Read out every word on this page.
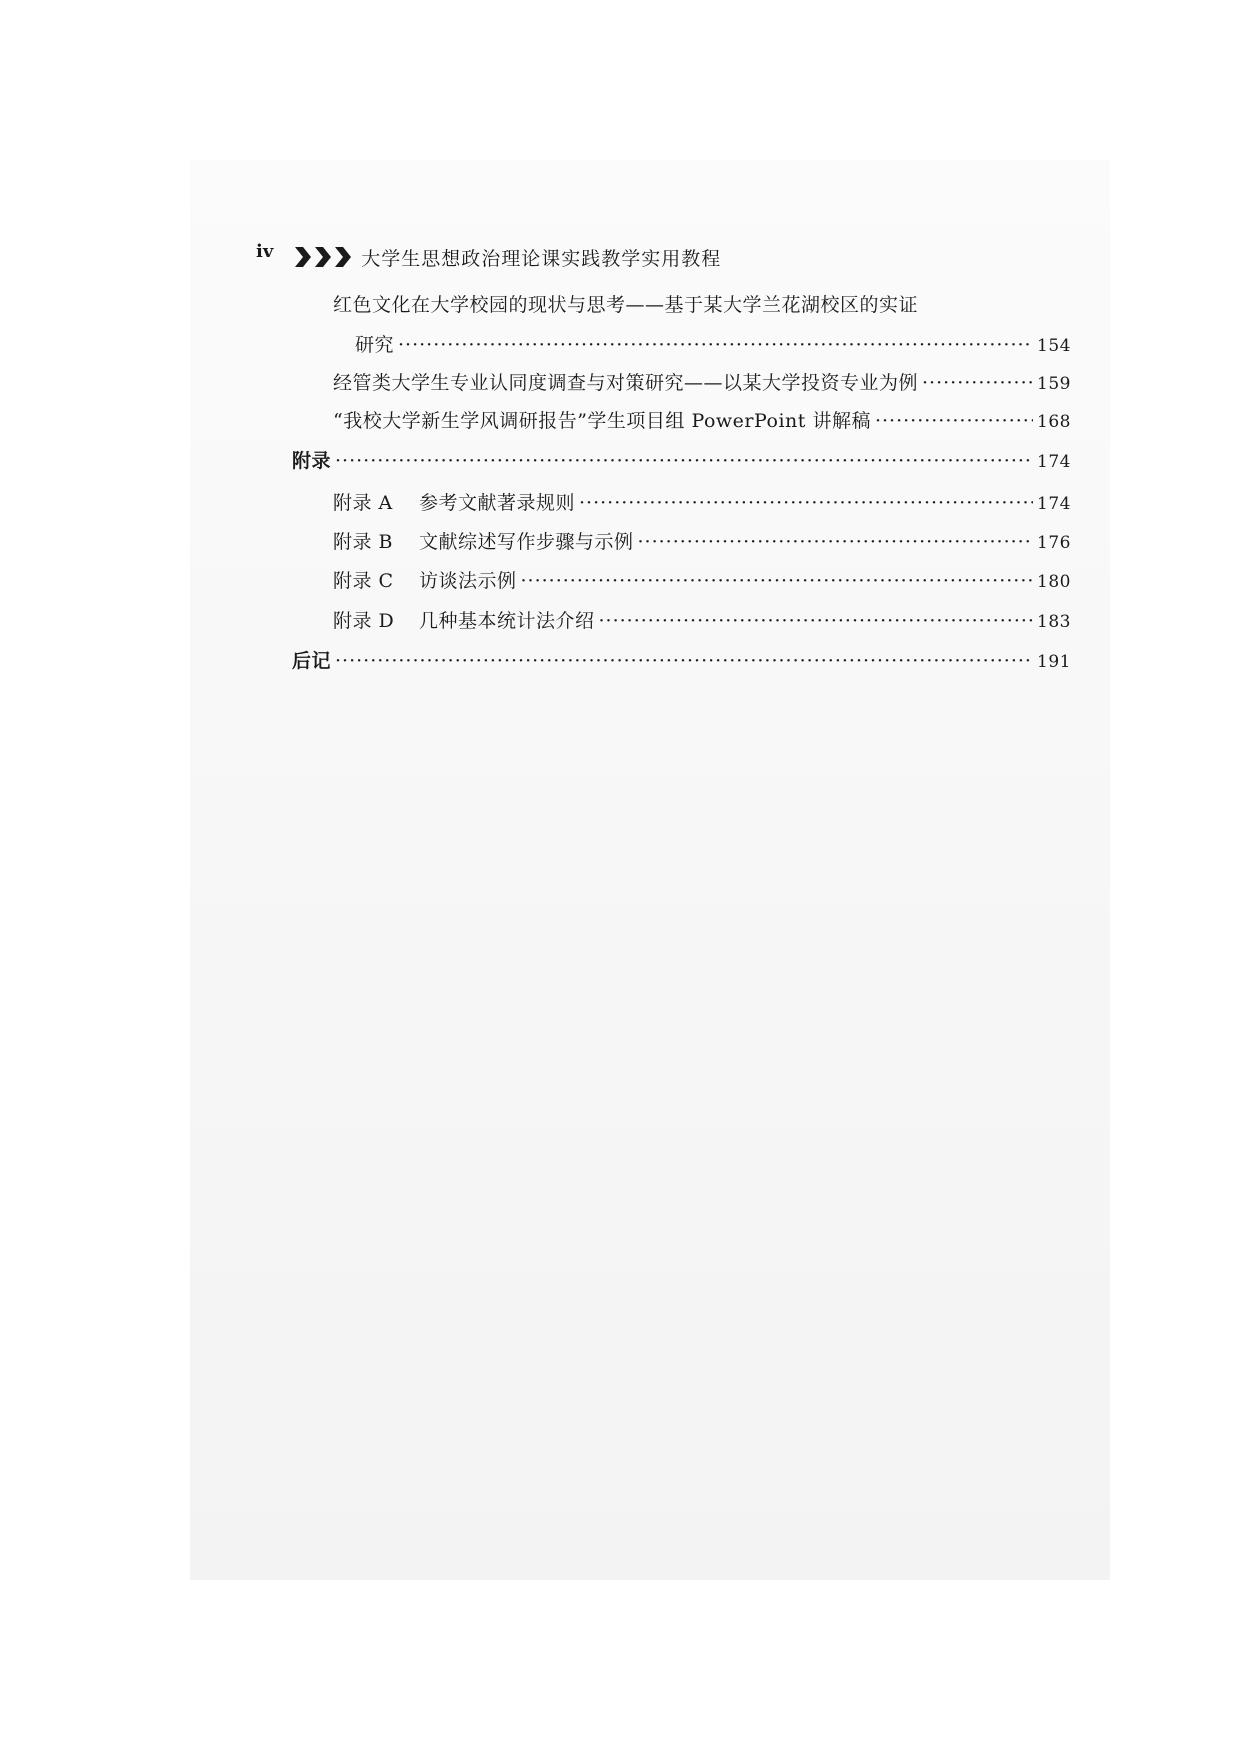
iv	大学生思想政治理论课实践教学实用教程
红色文化在大学校园的现状与思考——基于某大学兰花湖校区的实证
研究 ·····	154
经管类大学生专业认同度调查与对策研究——以某大学投资专业为例 ·····	159
“我校大学新生学风调研报告”学生项目组 PowerPoint 讲解稿 ·····	168
附录 ·····	174
附录 A	参考文献著录规则 ·····	174
附录 B	文献综述写作步骤与示例 ·····	176
附录 C	访谈法示例 ·····	180
附录 D	几种基本统计法介绍 ·····	183
后记 ·····	191
